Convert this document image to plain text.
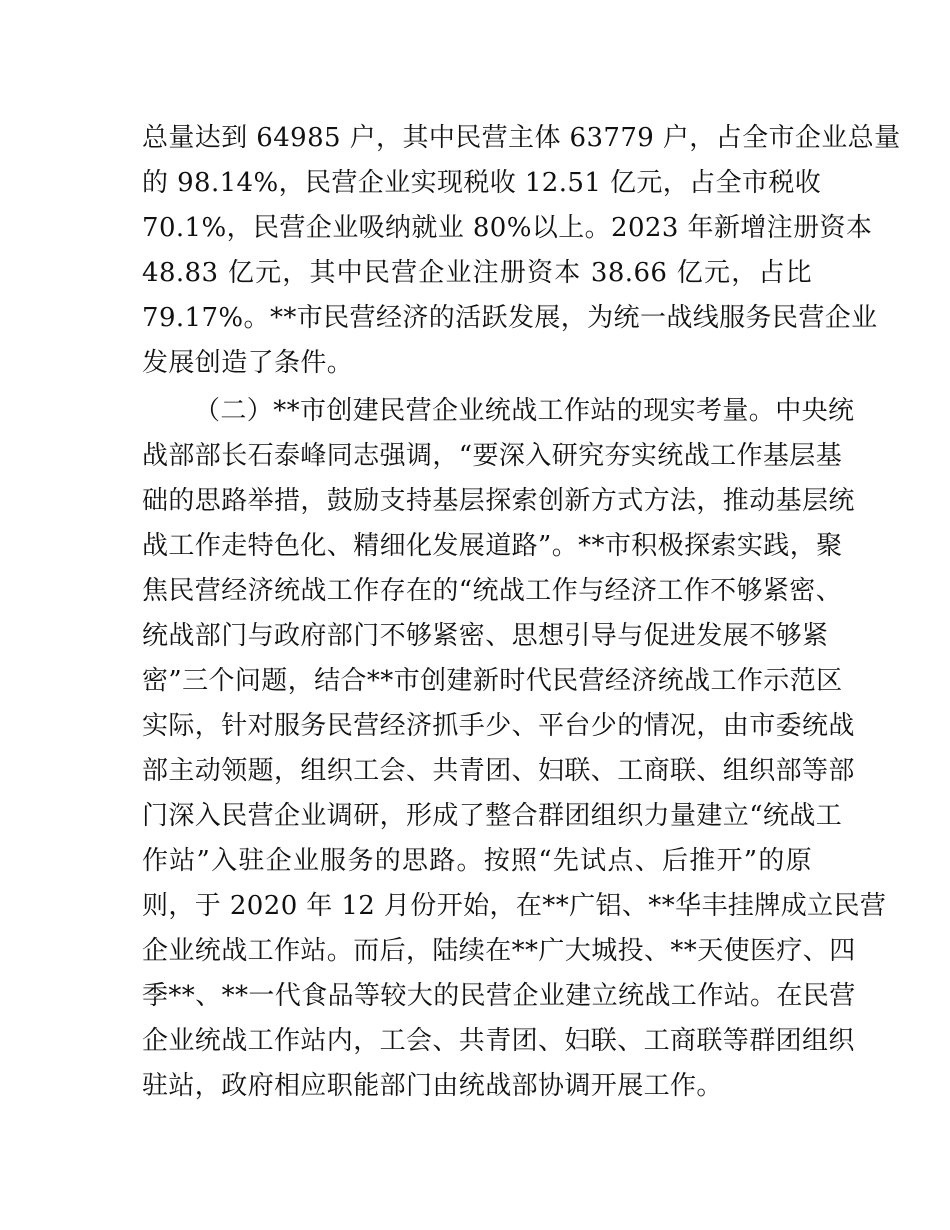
总量达到 64985 户，其中民营主体 63779 户，占全市企业总量
的 98.14%，民营企业实现税收 12.51 亿元，占全市税收
70.1%，民营企业吸纳就业 80%以上。2023 年新增注册资本
48.83 亿元，其中民营企业注册资本 38.66 亿元，占比
79.17%。**市民营经济的活跃发展，为统一战线服务民营企业
发展创造了条件。
（二）**市创建民营企业统战工作站的现实考量。中央统
战部部长石泰峰同志强调，“要深入研究夯实统战工作基层基
础的思路举措，鼓励支持基层探索创新方式方法，推动基层统
战工作走特色化、精细化发展道路”。**市积极探索实践，聚
焦民营经济统战工作存在的“统战工作与经济工作不够紧密、
统战部门与政府部门不够紧密、思想引导与促进发展不够紧
密”三个问题，结合**市创建新时代民营经济统战工作示范区
实际，针对服务民营经济抓手少、平台少的情况，由市委统战
部主动领题，组织工会、共青团、妇联、工商联、组织部等部
门深入民营企业调研，形成了整合群团组织力量建立“统战工
作站”入驻企业服务的思路。按照“先试点、后推开”的原
则，于 2020 年 12 月份开始，在**广铝、**华丰挂牌成立民营
企业统战工作站。而后，陆续在**广大城投、**天使医疗、四
季**、**一代食品等较大的民营企业建立统战工作站。在民营
企业统战工作站内，工会、共青团、妇联、工商联等群团组织
驻站，政府相应职能部门由统战部协调开展工作。
